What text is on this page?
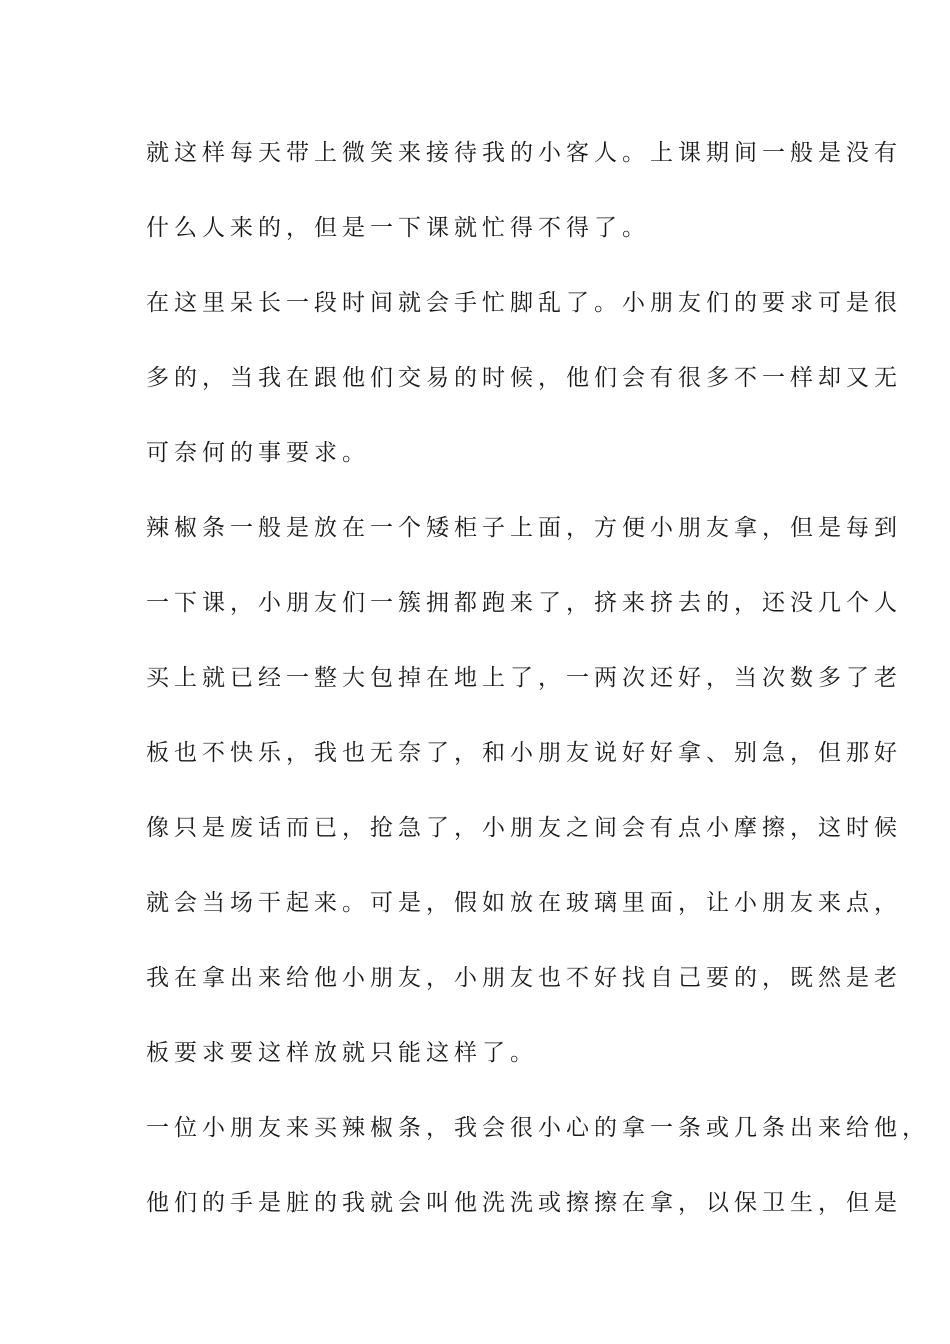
就这样每天带上微笑来接待我的小客人。上课期间一般是没有
什么人来的，但是一下课就忙得不得了。
在这里呆长一段时间就会手忙脚乱了。小朋友们的要求可是很
多的，当我在跟他们交易的时候，他们会有很多不一样却又无
可奈何的事要求。
辣椒条一般是放在一个矮柜子上面，方便小朋友拿，但是每到
一下课，小朋友们一簇拥都跑来了，挤来挤去的，还没几个人
买上就已经一整大包掉在地上了，一两次还好，当次数多了老
板也不快乐，我也无奈了，和小朋友说好好拿、别急，但那好
像只是废话而已，抢急了，小朋友之间会有点小摩擦，这时候
就会当场干起来。可是，假如放在玻璃里面，让小朋友来点，
我在拿出来给他小朋友，小朋友也不好找自己要的，既然是老
板要求要这样放就只能这样了。
一位小朋友来买辣椒条，我会很小心的拿一条或几条出来给他，
他们的手是脏的我就会叫他洗洗或擦擦在拿，以保卫生，但是
